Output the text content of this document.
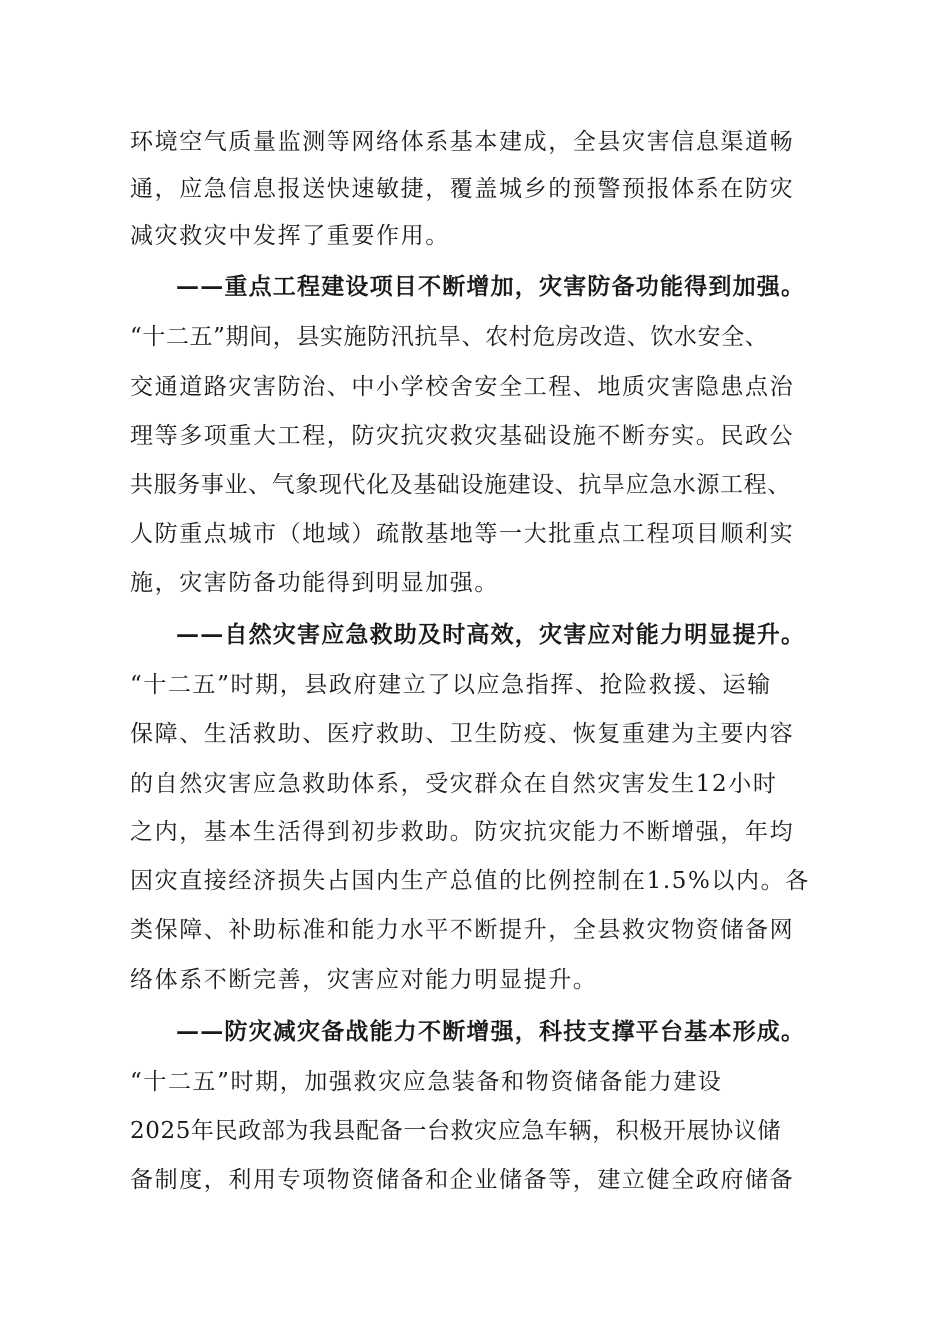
环境空气质量监测等网络体系基本建成，全县灾害信息渠道畅
通，应急信息报送快速敏捷，覆盖城乡的预警预报体系在防灾
减灾救灾中发挥了重要作用。
——重点工程建设项目不断增加，灾害防备功能得到加强。
“十二五”期间，县实施防汛抗旱、农村危房改造、饮水安全、
交通道路灾害防治、中小学校舍安全工程、地质灾害隐患点治
理等多项重大工程，防灾抗灾救灾基础设施不断夯实。民政公
共服务事业、气象现代化及基础设施建设、抗旱应急水源工程、
人防重点城市（地域）疏散基地等一大批重点工程项目顺利实
施，灾害防备功能得到明显加强。
——自然灾害应急救助及时高效，灾害应对能力明显提升。
“十二五”时期，县政府建立了以应急指挥、抢险救援、运输
保障、生活救助、医疗救助、卫生防疫、恢复重建为主要内容
的自然灾害应急救助体系，受灾群众在自然灾害发生12小时
之内，基本生活得到初步救助。防灾抗灾能力不断增强，年均
因灾直接经济损失占国内生产总值的比例控制在1.5%以内。各
类保障、补助标准和能力水平不断提升，全县救灾物资储备网
络体系不断完善，灾害应对能力明显提升。
——防灾减灾备战能力不断增强，科技支撑平台基本形成。
“十二五”时期，加强救灾应急装备和物资储备能力建设
2025年民政部为我县配备一台救灾应急车辆，积极开展协议储
备制度，利用专项物资储备和企业储备等，建立健全政府储备
